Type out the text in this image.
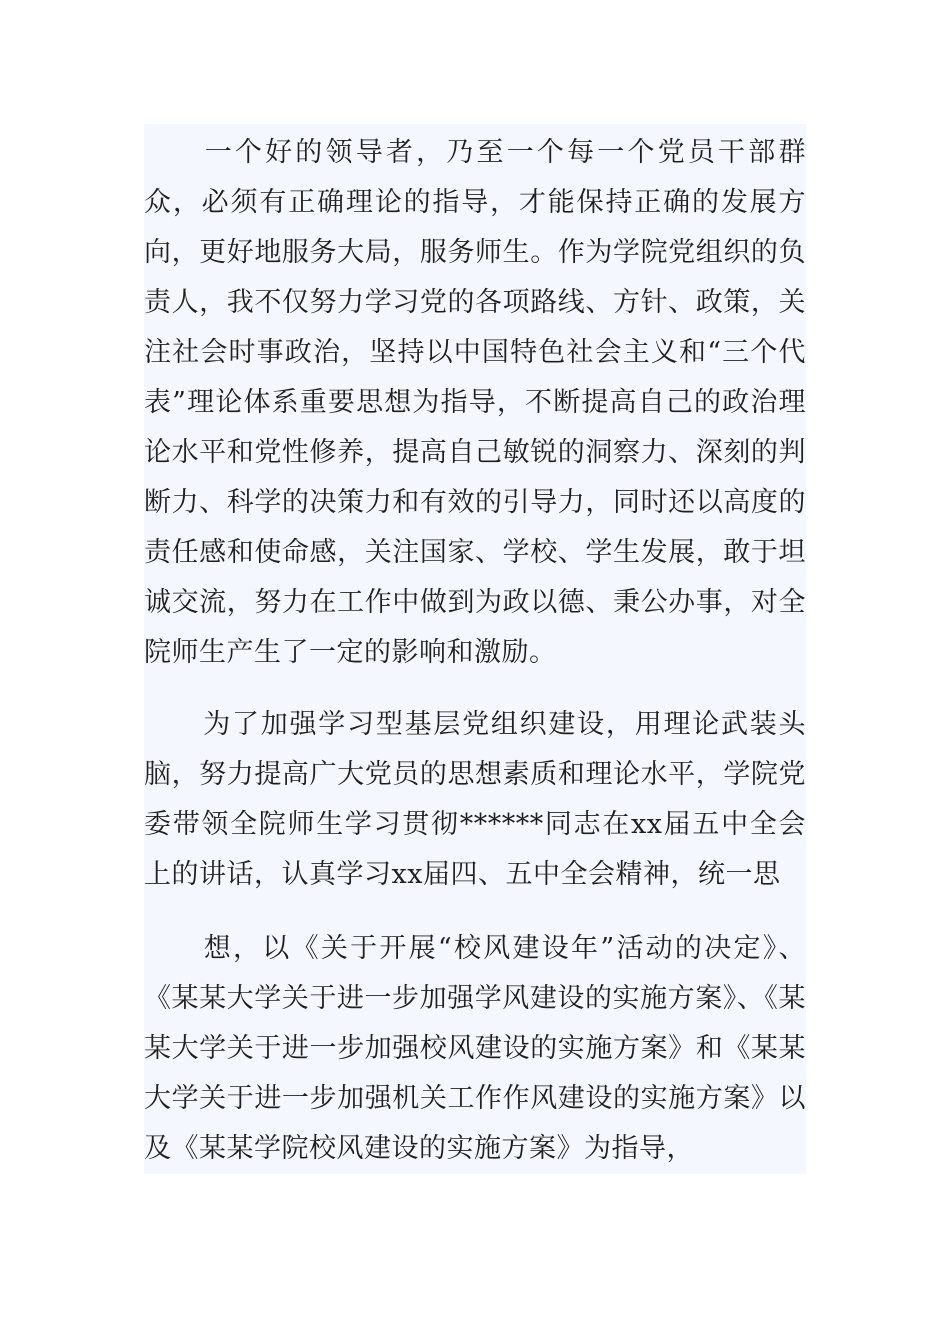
一个好的领导者，乃至一个每一个党员干部群众，必须有正确理论的指导，才能保持正确的发展方向，更好地服务大局，服务师生。作为学院党组织的负责人，我不仅努力学习党的各项路线、方针、政策，关注社会时事政治，坚持以中国特色社会主义和“三个代表”理论体系重要思想为指导，不断提高自己的政治理论水平和党性修养，提高自己敏锐的洞察力、深刻的判断力、科学的决策力和有效的引导力，同时还以高度的责任感和使命感，关注国家、学校、学生发展，敢于坦诚交流，努力在工作中做到为政以德、秉公办事，对全院师生产生了一定的影响和激励。

为了加强学习型基层党组织建设，用理论武装头脑，努力提高广大党员的思想素质和理论水平，学院党委带领全院师生学习贯彻******同志在xx届五中全会上的讲话，认真学习xx届四、五中全会精神，统一思

想，以《关于开展“校风建设年”活动的决定》、《某某大学关于进一步加强学风建设的实施方案》、《某某大学关于进一步加强校风建设的实施方案》和《某某大学关于进一步加强机关工作作风建设的实施方案》以及《某某学院校风建设的实施方案》为指导，
